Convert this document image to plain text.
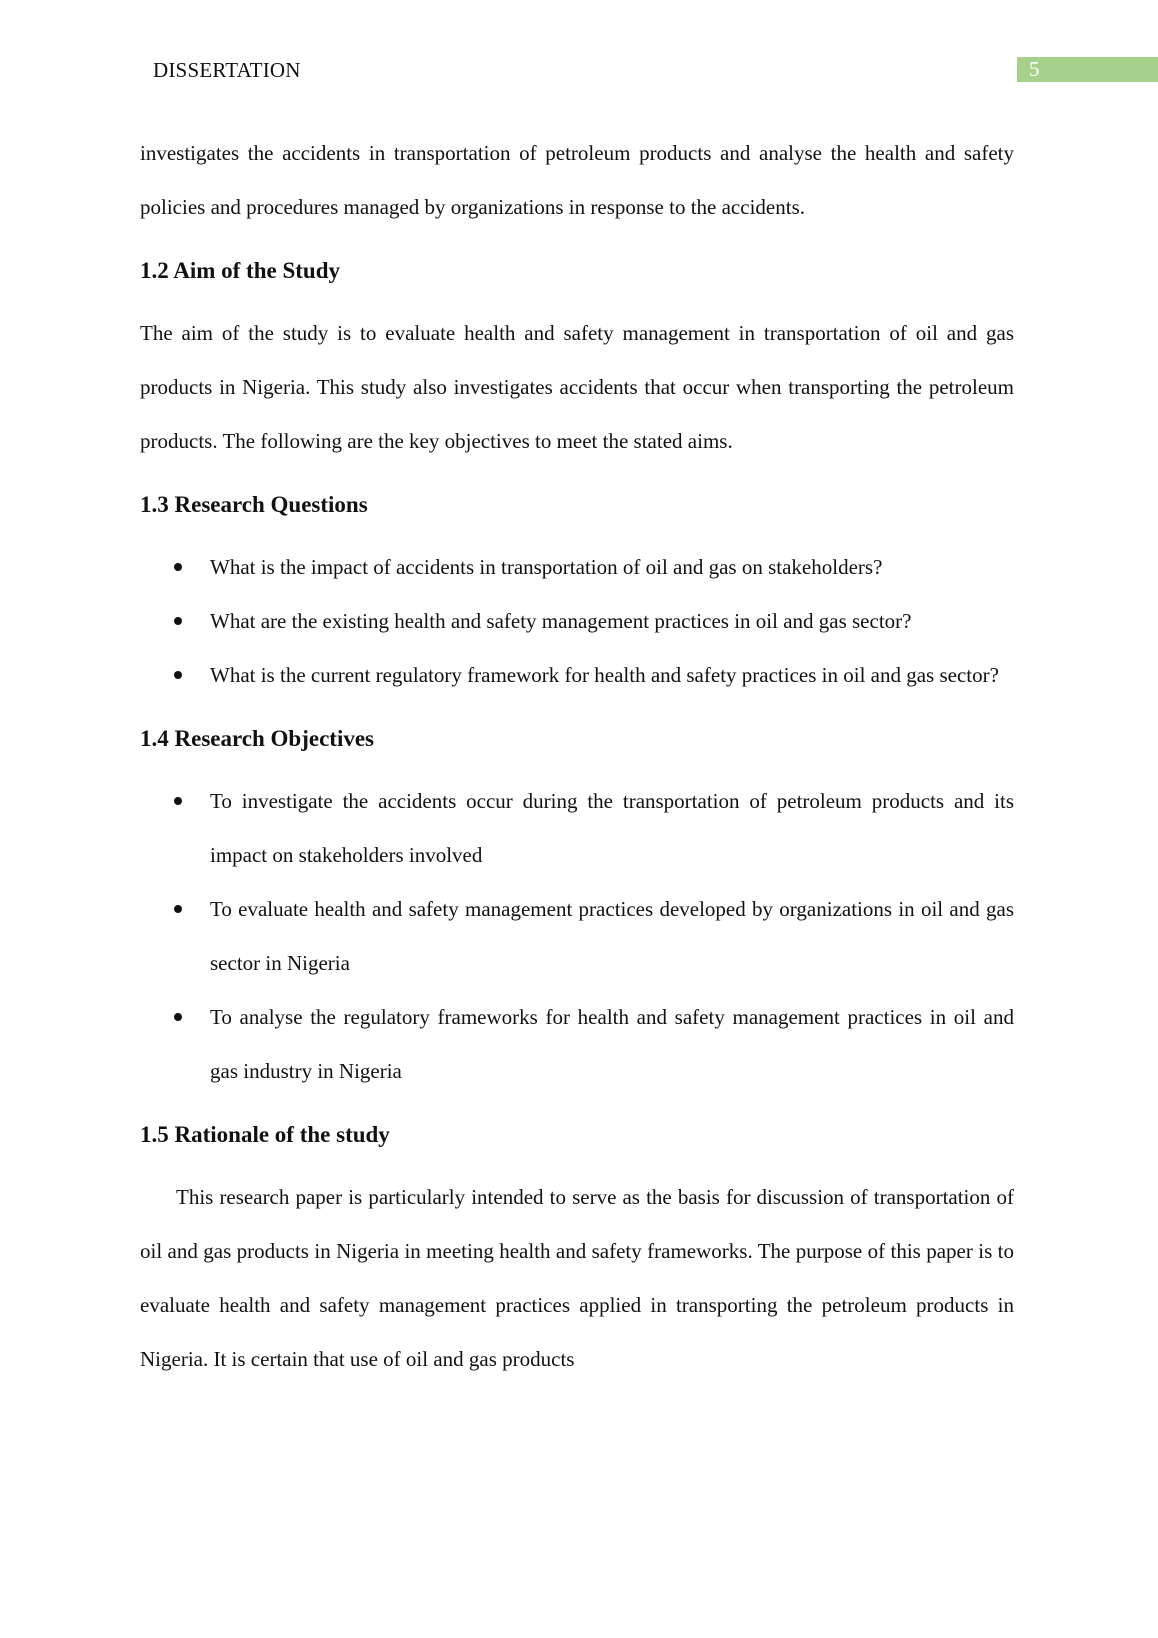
DISSERTATION	5

investigates the accidents in transportation of petroleum products and analyse the health and safety policies and procedures managed by organizations in response to the accidents.

1.2 Aim of the Study

The aim of the study is to evaluate health and safety management in transportation of oil and gas products in Nigeria. This study also investigates accidents that occur when transporting the petroleum products. The following are the key objectives to meet the stated aims.

1.3 Research Questions
What is the impact of accidents in transportation of oil and gas on stakeholders?
What are the existing health and safety management practices in oil and gas sector?
What is the current regulatory framework for health and safety practices in oil and gas sector?
1.4 Research Objectives
To investigate the accidents occur during the transportation of petroleum products and its impact on stakeholders involved
To evaluate health and safety management practices developed by organizations in oil and gas sector in Nigeria
To analyse the regulatory frameworks for health and safety management practices in oil and gas industry in Nigeria
1.5 Rationale of the study

This research paper is particularly intended to serve as the basis for discussion of transportation of oil and gas products in Nigeria in meeting health and safety frameworks. The purpose of this paper is to evaluate health and safety management practices applied in transporting the petroleum products in Nigeria. It is certain that use of oil and gas products
